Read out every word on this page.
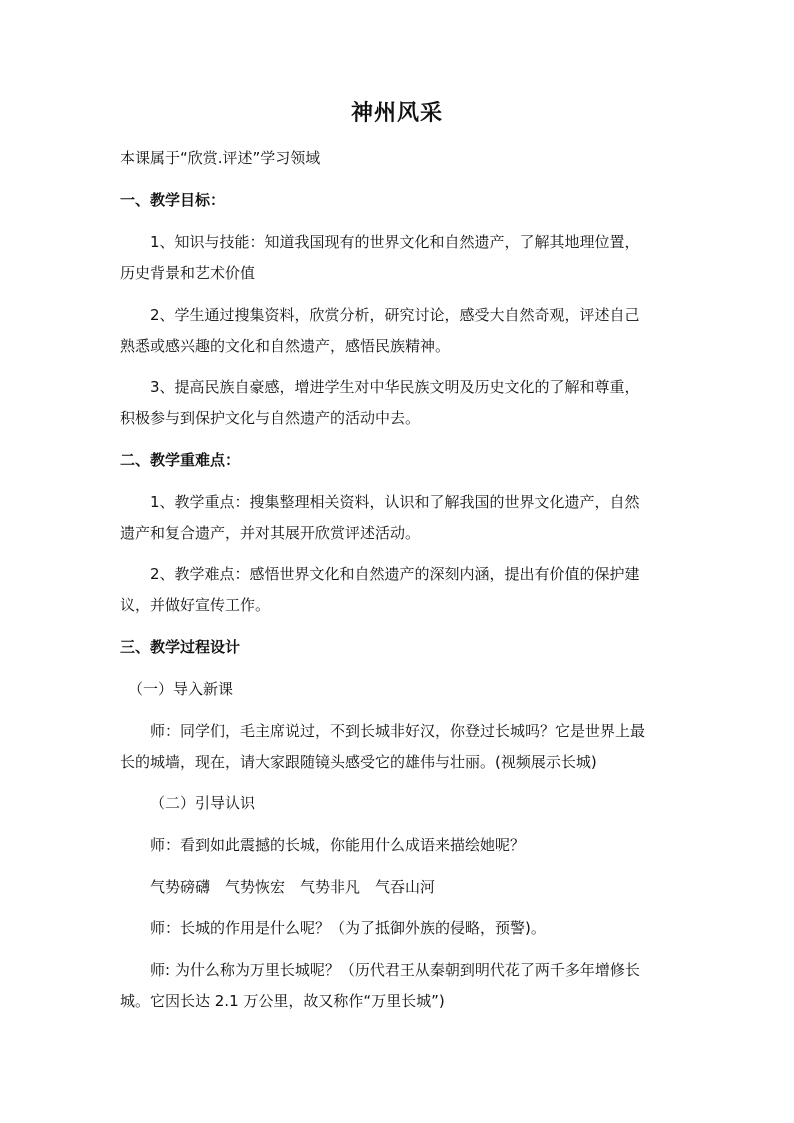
神州风采
本课属于“欣赏.评述”学习领域
一、教学目标：
1、知识与技能：知道我国现有的世界文化和自然遗产，了解其地理位置，
历史背景和艺术价值
2、学生通过搜集资料，欣赏分析，研究讨论，感受大自然奇观，评述自己
熟悉或感兴趣的文化和自然遗产，感悟民族精神。
3、提高民族自豪感，增进学生对中华民族文明及历史文化的了解和尊重，
积极参与到保护文化与自然遗产的活动中去。
二、教学重难点：
1、教学重点：搜集整理相关资料，认识和了解我国的世界文化遗产，自然
遗产和复合遗产，并对其展开欣赏评述活动。
2、教学难点：感悟世界文化和自然遗产的深刻内涵，提出有价值的保护建
议，并做好宣传工作。
三、教学过程设计
（一）导入新课
师：同学们，毛主席说过，不到长城非好汉，你登过长城吗？它是世界上最
长的城墙，现在，请大家跟随镜头感受它的雄伟与壮丽。(视频展示长城)
（二）引导认识
师：看到如此震撼的长城，你能用什么成语来描绘她呢？
气势磅礴　气势恢宏　气势非凡　气吞山河
师：长城的作用是什么呢？（为了抵御外族的侵略，预警)。
师: 为什么称为万里长城呢？（历代君王从秦朝到明代花了两千多年增修长
城。它因长达 2.1 万公里，故又称作“万里长城”)
